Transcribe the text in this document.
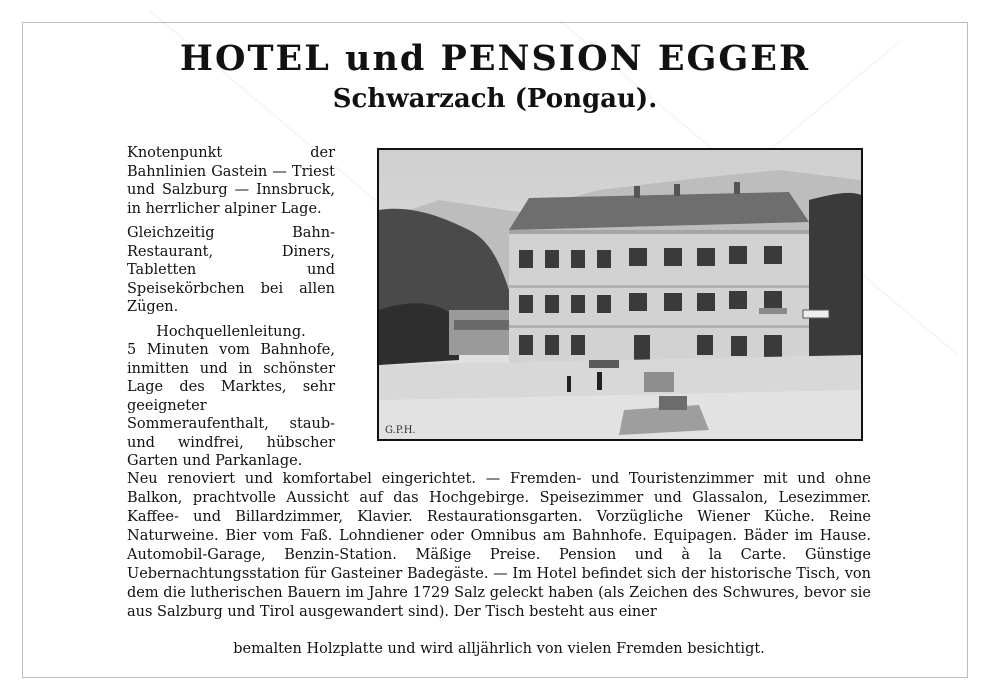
HOTEL und PENSION EGGER
Schwarzach (Pongau).

Knotenpunkt der Bahnlinien Gastein — Triest und Salzburg — Innsbruck, in herrlicher alpiner Lage.

Gleichzeitig Bahn-Restaurant, Diners, Tabletten und Speisekörbchen bei allen Zügen.

Hochquellenleitung.

5 Minuten vom Bahnhofe, inmitten und in schönster Lage des Marktes, sehr geeigneter Sommeraufenthalt, staub- und windfrei, hübscher Garten und Parkanlage.

G.P.H.

Neu renoviert und komfortabel eingerichtet. — Fremden- und Touristenzimmer mit und ohne Balkon, prachtvolle Aussicht auf das Hochgebirge. Speisezimmer und Glassalon, Lesezimmer. Kaffee- und Billardzimmer, Klavier. Restaurationsgarten. Vorzügliche Wiener Küche. Reine Naturweine. Bier vom Faß. Lohndiener oder Omnibus am Bahnhofe. Equipagen. Bäder im Hause. Automobil-Garage, Benzin-Station. Mäßige Preise. Pension und à la Carte. Günstige Uebernachtungsstation für Gasteiner Badegäste. — Im Hotel befindet sich der historische Tisch, von dem die lutherischen Bauern im Jahre 1729 Salz geleckt haben (als Zeichen des Schwures, bevor sie aus Salzburg und Tirol ausgewandert sind). Der Tisch besteht aus einer

bemalten Holzplatte und wird alljährlich von vielen Fremden besichtigt.
